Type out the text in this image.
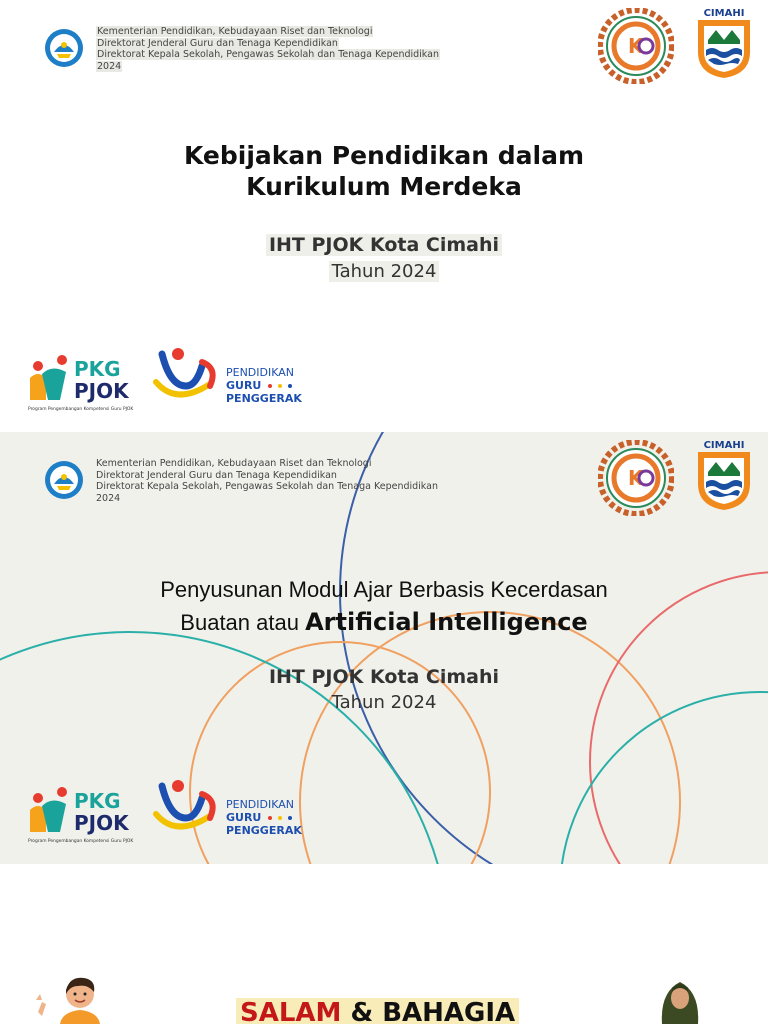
Kementerian Pendidikan, Kebudayaan Riset dan Teknologi
Direktorat Jenderal Guru dan Tenaga Kependidikan
Direktorat Kepala Sekolah, Pengawas Sekolah dan Tenaga Kependidikan
2024
K
CIMAHI
Kebijakan Pendidikan dalam
Kurikulum Merdeka
IHT PJOK Kota Cimahi
Tahun 2024
PKG
PJOK
Program Pengembangan Kompetensi Guru PJOK
PENDIDIKAN
GURU
PENGGERAK
Kementerian Pendidikan, Kebudayaan Riset dan Teknologi
Direktorat Jenderal Guru dan Tenaga Kependidikan
Direktorat Kepala Sekolah, Pengawas Sekolah dan Tenaga Kependidikan
2024
K
CIMAHI
Penyusunan Modul Ajar Berbasis Kecerdasan
Buatan atau Artificial Intelligence
IHT PJOK Kota Cimahi
Tahun 2024
PKG
PJOK
Program Pengembangan Kompetensi Guru PJOK
PENDIDIKAN
GURU
PENGGERAK
SALAM & BAHAGIA
